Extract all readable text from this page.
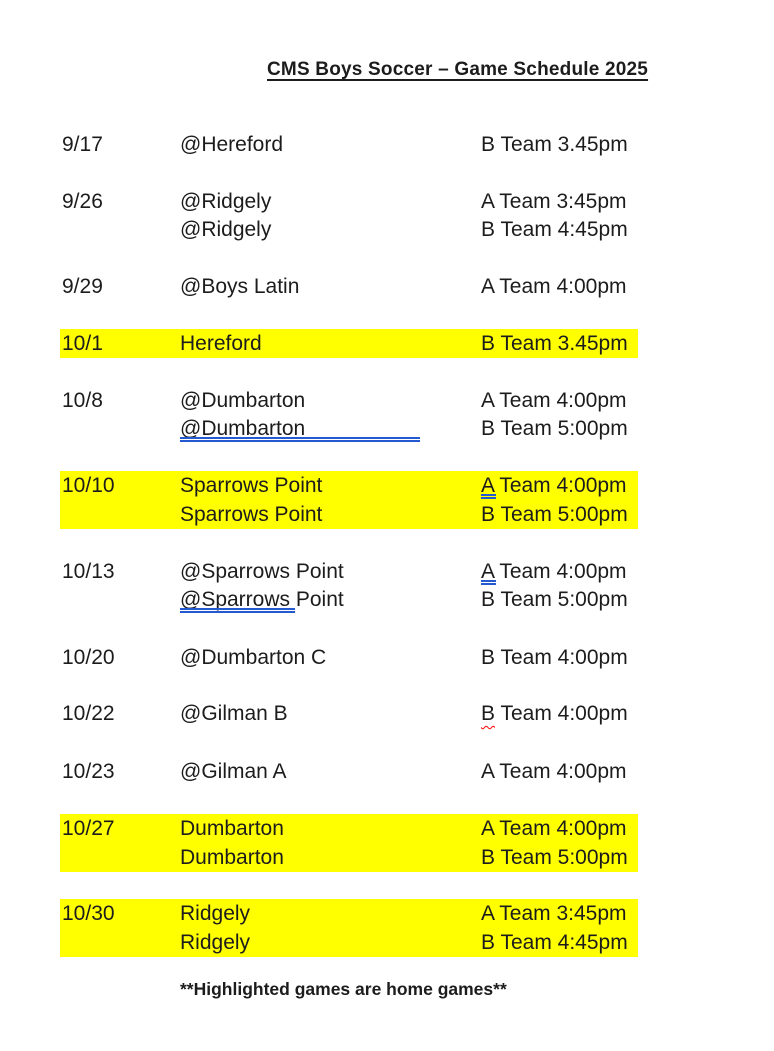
CMS Boys Soccer – Game Schedule 2025
9/17	@Hereford	B Team 3.45pm
9/26	@Ridgely	A Team 3:45pm
@Ridgely	B Team 4:45pm
9/29	@Boys Latin	A Team 4:00pm
10/1	Hereford	B Team 3.45pm
10/8	@Dumbarton	A Team 4:00pm
@Dumbarton	B Team 5:00pm
10/10	Sparrows Point	A Team 4:00pm
Sparrows Point	B Team 5:00pm
10/13	@Sparrows Point	A Team 4:00pm
@Sparrows Point	B Team 5:00pm
10/20	@Dumbarton C	B Team 4:00pm
10/22	@Gilman B	B Team 4:00pm
10/23	@Gilman A	A Team 4:00pm
10/27	Dumbarton	A Team 4:00pm
Dumbarton	B Team 5:00pm
10/30	Ridgely	A Team 3:45pm
Ridgely	B Team 4:45pm
**Highlighted games are home games**
